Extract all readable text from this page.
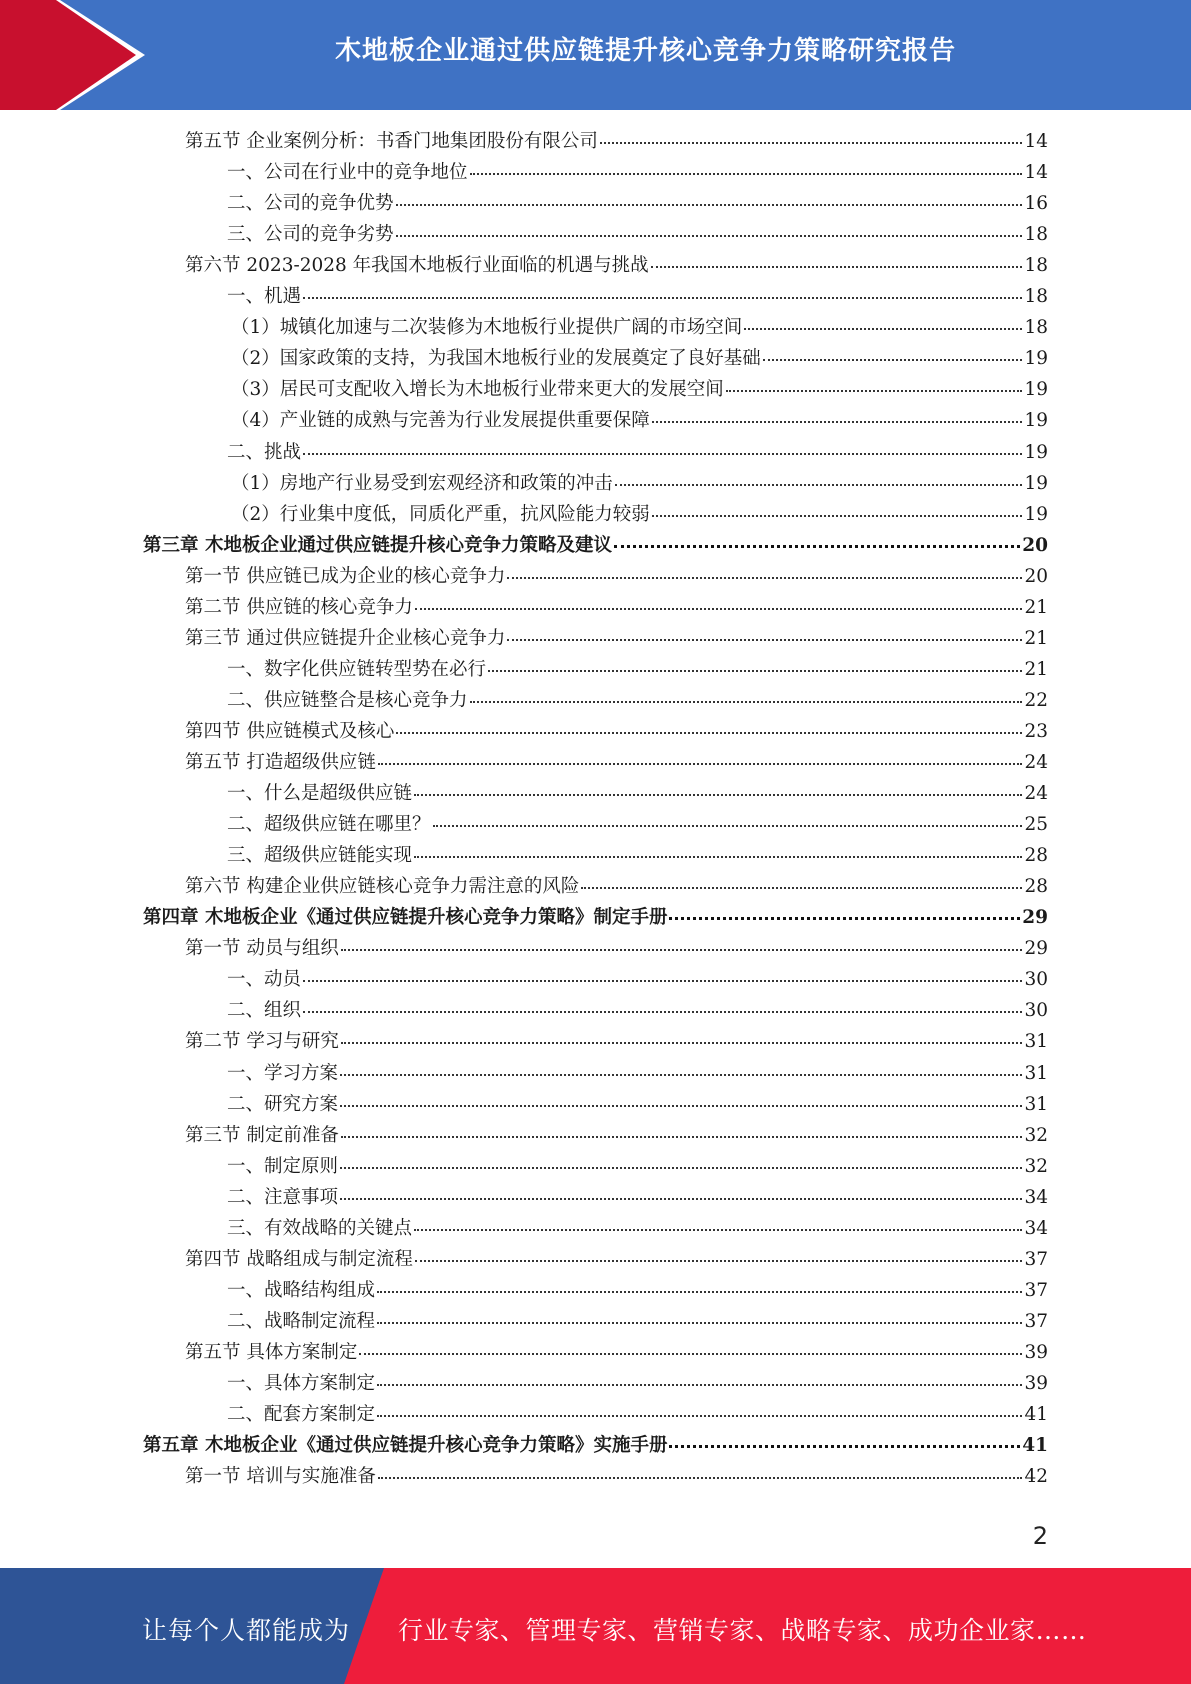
木地板企业通过供应链提升核心竞争力策略研究报告
第五节 企业案例分析：书香门地集团股份有限公司	14
一、公司在行业中的竞争地位	14
二、公司的竞争优势	16
三、公司的竞争劣势	18
第六节 2023-2028 年我国木地板行业面临的机遇与挑战	18
一、机遇	18
（1）城镇化加速与二次装修为木地板行业提供广阔的市场空间	18
（2）国家政策的支持，为我国木地板行业的发展奠定了良好基础	19
（3）居民可支配收入增长为木地板行业带来更大的发展空间	19
（4）产业链的成熟与完善为行业发展提供重要保障	19
二、挑战	19
（1）房地产行业易受到宏观经济和政策的冲击	19
（2）行业集中度低，同质化严重，抗风险能力较弱	19
第三章 木地板企业通过供应链提升核心竞争力策略及建议	20
第一节 供应链已成为企业的核心竞争力	20
第二节 供应链的核心竞争力	21
第三节 通过供应链提升企业核心竞争力	21
一、数字化供应链转型势在必行	21
二、供应链整合是核心竞争力	22
第四节 供应链模式及核心	23
第五节 打造超级供应链	24
一、什么是超级供应链	24
二、超级供应链在哪里？	25
三、超级供应链能实现	28
第六节 构建企业供应链核心竞争力需注意的风险	28
第四章 木地板企业《通过供应链提升核心竞争力策略》制定手册	29
第一节 动员与组织	29
一、动员	30
二、组织	30
第二节 学习与研究	31
一、学习方案	31
二、研究方案	31
第三节 制定前准备	32
一、制定原则	32
二、注意事项	34
三、有效战略的关键点	34
第四节 战略组成与制定流程	37
一、战略结构组成	37
二、战略制定流程	37
第五节 具体方案制定	39
一、具体方案制定	39
二、配套方案制定	41
第五章 木地板企业《通过供应链提升核心竞争力策略》实施手册	41
第一节 培训与实施准备	42
2
让每个人都能成为 行业专家、管理专家、营销专家、战略专家、成功企业家……
